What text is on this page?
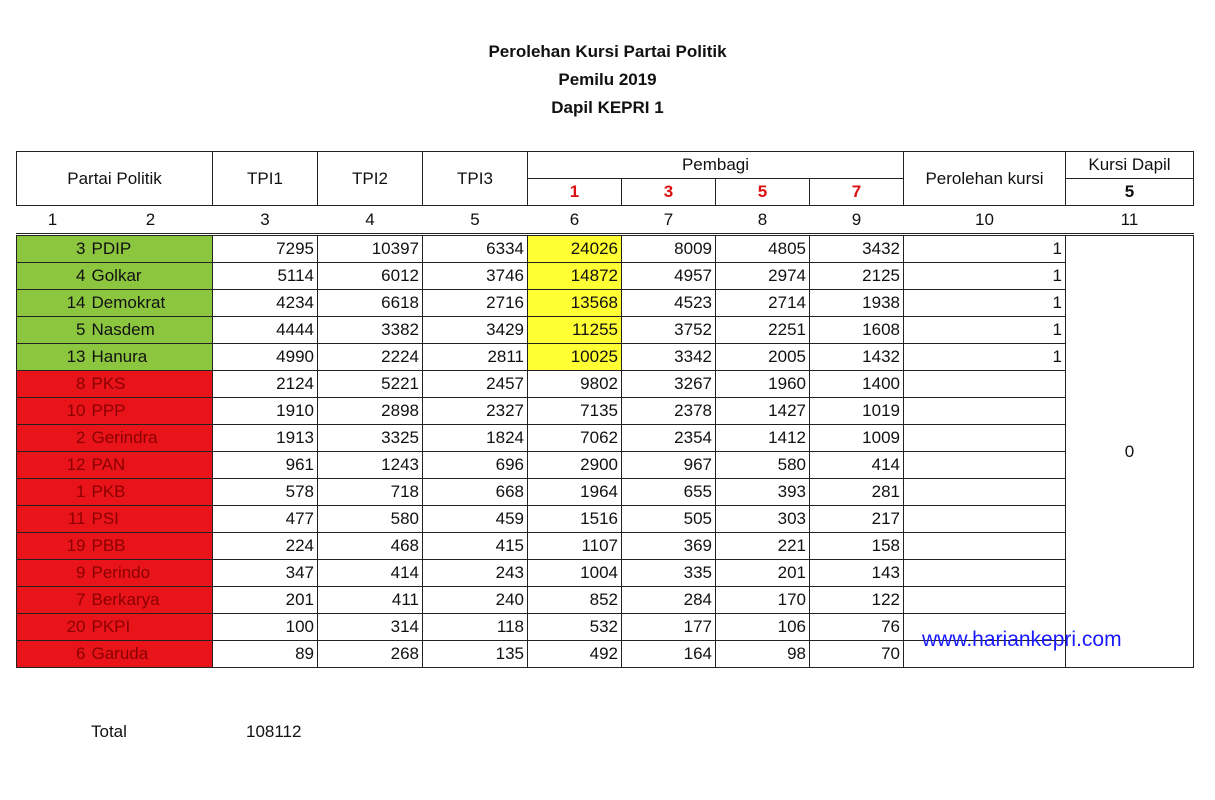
Perolehan Kursi Partai Politik
Pemilu 2019
Dapil KEPRI 1
Partai Politik		TPI1	TPI2	TPI3	Pembagi				Perolehan kursi	Kursi Dapil
					1	3	5	7		5
1	2	3	4	5	6	7	8	9	10	11
3	PDIP	7295	10397	6334	24026	8009	4805	3432	1	0
4	Golkar	5114	6012	3746	14872	4957	2974	2125	1	
14	Demokrat	4234	6618	2716	13568	4523	2714	1938	1	
5	Nasdem	4444	3382	3429	11255	3752	2251	1608	1	
13	Hanura	4990	2224	2811	10025	3342	2005	1432	1	
8	PKS	2124	5221	2457	9802	3267	1960	1400		
10	PPP	1910	2898	2327	7135	2378	1427	1019		
2	Gerindra	1913	3325	1824	7062	2354	1412	1009		
12	PAN	961	1243	696	2900	967	580	414		
1	PKB	578	718	668	1964	655	393	281		
11	PSI	477	580	459	1516	505	303	217		
19	PBB	224	468	415	1107	369	221	158		
9	Perindo	347	414	243	1004	335	201	143		
7	Berkarya	201	411	240	852	284	170	122		
20	PKPI	100	314	118	532	177	106	76		
6	Garuda	89	268	135	492	164	98	70		
www.hariankepri.com
Total	108112
